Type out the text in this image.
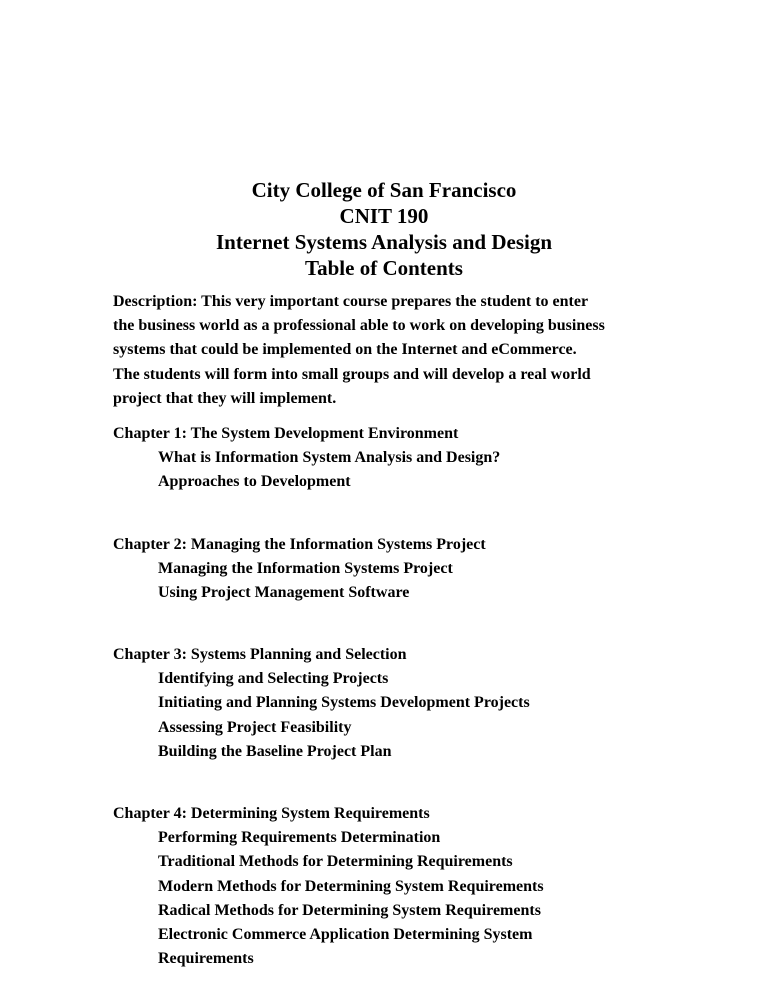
City College of San Francisco
CNIT 190
Internet Systems Analysis and Design
Table of Contents
Description: This very important course prepares the student to enter
the business world as a professional able to work on developing business
systems that could be implemented on the Internet and eCommerce.
The students will form into small groups and will develop a real world
project that they will implement.
Chapter 1: The System Development Environment
What is Information System Analysis and Design?
Approaches to Development
Chapter 2: Managing the Information Systems Project
Managing the Information Systems Project
Using Project Management Software
Chapter 3: Systems Planning and Selection
Identifying and Selecting Projects
Initiating and Planning Systems Development Projects
Assessing Project Feasibility
Building the Baseline Project Plan
Chapter 4: Determining System Requirements
Performing Requirements Determination
Traditional Methods for Determining Requirements
Modern Methods for Determining System Requirements
Radical Methods for Determining System Requirements
Electronic Commerce Application Determining System
Requirements
